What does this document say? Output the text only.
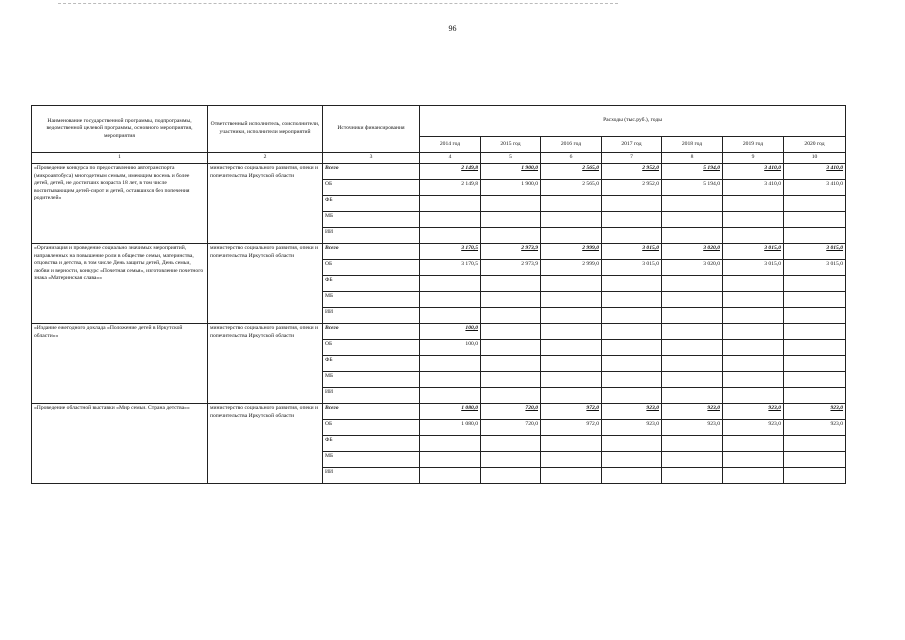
96
Наименование государственной программы, подпрограммы, ведомственной целевой программы, основного мероприятия, мероприятия	Ответственный исполнитель, соисполнители, участники, исполнители мероприятий	Источники финансирования	Расходы (тыс.руб.), годы						
			2014 год	2015 год	2016 год	2017 год	2018 год	2019 год	2020 год
1	2	3	4	5	6	7	8	9	10
«Проведение конкурса по предоставлению автотранспорта (микроавтобуса) многодетным семьям, имеющим восемь и более детей, детей, не достигших возраста 18 лет, в том числе воспитывающим детей-сирот и детей, оставшихся без попечения родителей»	министерство социального развития, опеки и попечительства Иркутской области	Всего	2 149,8	1 900,0	2 565,0	2 952,0	5 194,0	3 410,0	3 410,0
		ОБ	2 149,8	1 900,0	2 565,0	2 952,0	5 194,0	3 410,0	3 410,0
		ФБ							
		МБ							
		ИИ							
«Организация и проведение социально значимых мероприятий, направленных на повышение роли в обществе семьи, материнства, отцовства и детства, в том числе День защиты детей, День семьи, любви и верности, конкурс «Почетная семья», изготовление почетного знака «Материнская слава»»	министерство социального развития, опеки и попечительства Иркутской области	Всего	3 170,5	2 973,9	2 999,0	3 015,0	3 020,0	3 015,0	3 015,0
		ОБ	3 170,5	2 973,9	2 999,0	3 015,0	3 020,0	3 015,0	3 015,0
		ФБ							
		МБ							
		ИИ							
«Издание ежегодного доклада «Положение детей в Иркутской области»»	министерство социального развития, опеки и попечительства Иркутской области	Всего	100,0						
		ОБ	100,0						
		ФБ							
		МБ							
		ИИ							
«Проведение областной выставки «Мир семьи. Страна детства»»	министерство социального развития, опеки и попечительства Иркутской области	Всего	1 080,0	720,0	972,0	923,0	923,0	923,0	923,0
		ОБ	1 080,0	720,0	972,0	923,0	923,0	923,0	923,0
		ФБ							
		МБ							
		ИИ							
